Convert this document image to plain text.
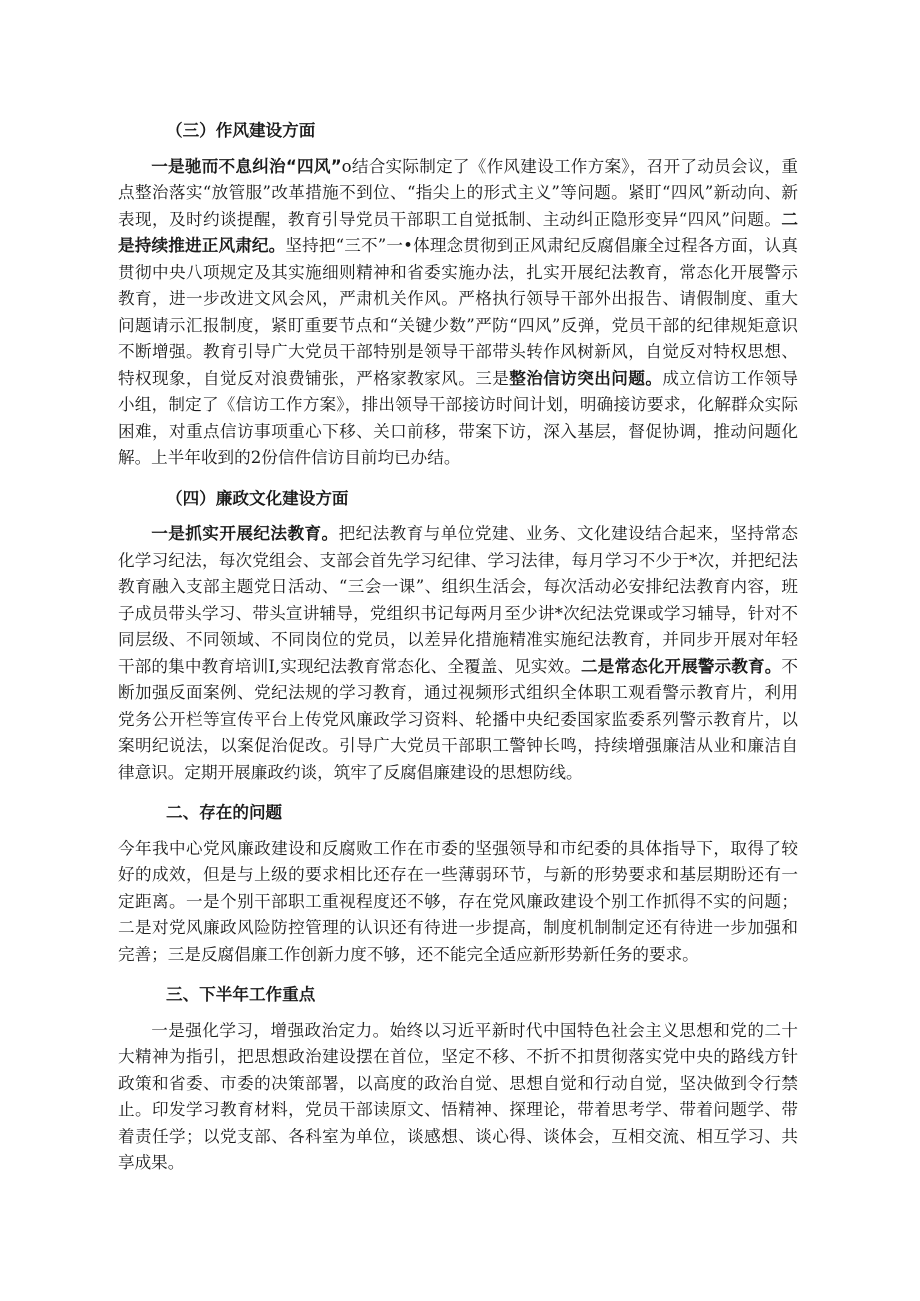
（三）作风建设方面

一是驰而不息纠治“四风”o结合实际制定了《作风建设工作方案》，召开了动员会议，重点整治落实“放管服”改革措施不到位、“指尖上的形式主义”等问题。紧盯“四风”新动向、新表现，及时约谈提醒，教育引导党员干部职工自觉抵制、主动纠正隐形变异“四风”问题。二是持续推进正风肃纪。坚持把“三不”一•体理念贯彻到正风肃纪反腐倡廉全过程各方面，认真贯彻中央八项规定及其实施细则精神和省委实施办法，扎实开展纪法教育，常态化开展警示教育，进一步改进文风会风，严肃机关作风。严格执行领导干部外出报告、请假制度、重大问题请示汇报制度，紧盯重要节点和“关键少数”严防“四风”反弹，党员干部的纪律规矩意识不断增强。教育引导广大党员干部特别是领导干部带头转作风树新风，自觉反对特权思想、特权现象，自觉反对浪费铺张，严格家教家风。三是整治信访突出问题。成立信访工作领导小组，制定了《信访工作方案》，排出领导干部接访时间计划，明确接访要求，化解群众实际困难，对重点信访事项重心下移、关口前移，带案下访，深入基层，督促协调，推动问题化解。上半年收到的2份信件信访目前均已办结。

（四）廉政文化建设方面

一是抓实开展纪法教育。把纪法教育与单位党建、业务、文化建设结合起来，坚持常态化学习纪法，每次党组会、支部会首先学习纪律、学习法律，每月学习不少于*次，并把纪法教育融入支部主题党日活动、“三会一课”、组织生活会，每次活动必安排纪法教育内容，班子成员带头学习、带头宣讲辅导，党组织书记每两月至少讲*次纪法党课或学习辅导，针对不同层级、不同领域、不同岗位的党员，以差异化措施精准实施纪法教育，并同步开展对年轻干部的集中教育培训I,实现纪法教育常态化、全覆盖、见实效。二是常态化开展警示教育。不断加强反面案例、党纪法规的学习教育，通过视频形式组织全体职工观看警示教育片，利用党务公开栏等宣传平台上传党风廉政学习资料、轮播中央纪委国家监委系列警示教育片，以案明纪说法，以案促治促改。引导广大党员干部职工警钟长鸣，持续增强廉洁从业和廉洁自律意识。定期开展廉政约谈，筑牢了反腐倡廉建设的思想防线。

二、存在的问题

今年我中心党风廉政建设和反腐败工作在市委的坚强领导和市纪委的具体指导下，取得了较好的成效，但是与上级的要求相比还存在一些薄弱环节，与新的形势要求和基层期盼还有一定距离。一是个别干部职工重视程度还不够，存在党风廉政建设个别工作抓得不实的问题；二是对党风廉政风险防控管理的认识还有待进一步提高，制度机制制定还有待进一步加强和完善；三是反腐倡廉工作创新力度不够，还不能完全适应新形势新任务的要求。

三、下半年工作重点

一是强化学习，增强政治定力。始终以习近平新时代中国特色社会主义思想和党的二十大精神为指引，把思想政治建设摆在首位，坚定不移、不折不扣贯彻落实党中央的路线方针政策和省委、市委的决策部署，以高度的政治自觉、思想自觉和行动自觉，坚决做到令行禁止。印发学习教育材料，党员干部读原文、悟精神、探理论，带着思考学、带着问题学、带着责任学；以党支部、各科室为单位，谈感想、谈心得、谈体会，互相交流、相互学习、共享成果。
